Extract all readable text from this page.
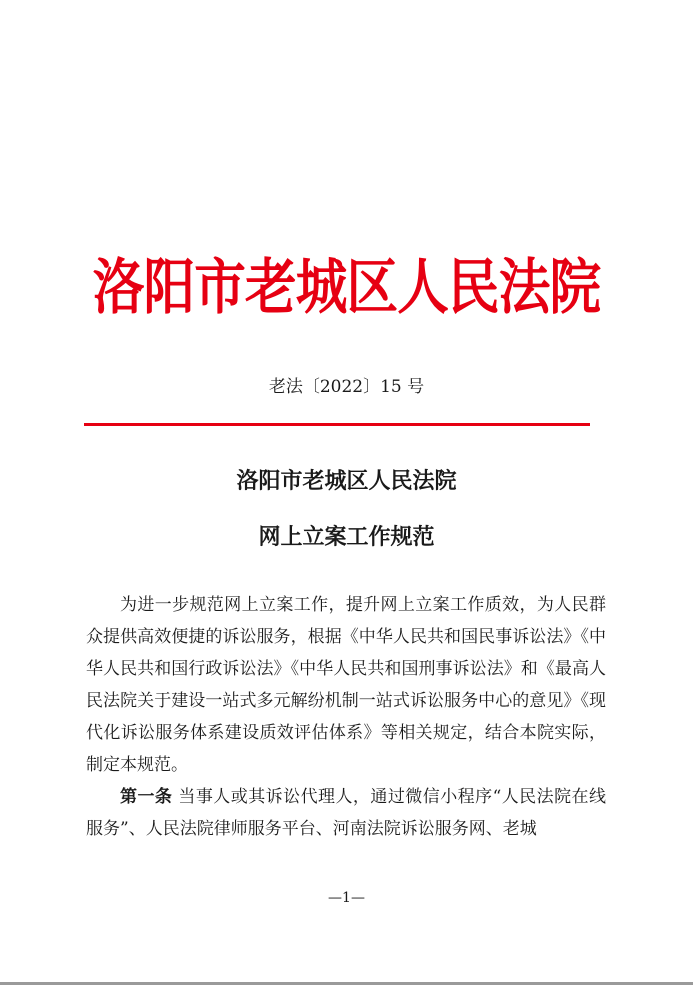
洛阳市老城区人民法院
老法〔2022〕15 号
洛阳市老城区人民法院
网上立案工作规范

为进一步规范网上立案工作，提升网上立案工作质效，为人民群众提供高效便捷的诉讼服务，根据《中华人民共和国民事诉讼法》《中华人民共和国行政诉讼法》《中华人民共和国刑事诉讼法》和《最高人民法院关于建设一站式多元解纷机制一站式诉讼服务中心的意见》《现代化诉讼服务体系建设质效评估体系》等相关规定，结合本院实际，制定本规范。

第一条 当事人或其诉讼代理人，通过微信小程序“人民法院在线服务”、人民法院律师服务平台、河南法院诉讼服务网、老城

—1—
